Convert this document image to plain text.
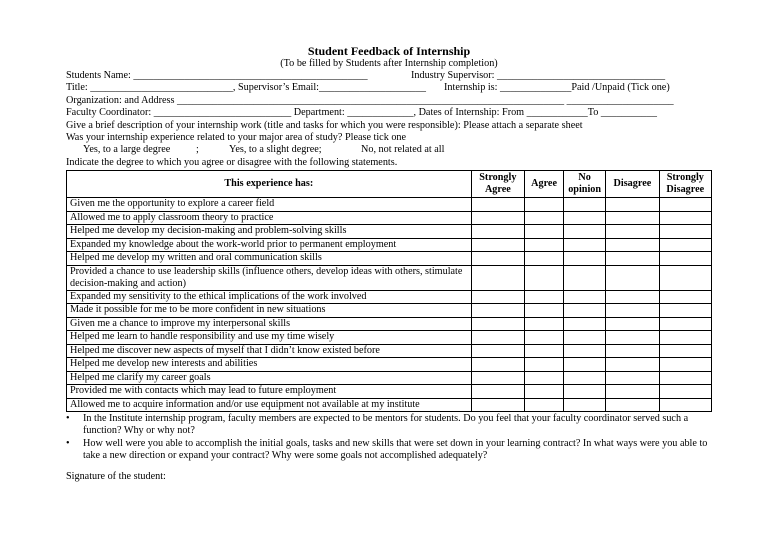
Student Feedback of Internship
(To be filled by Students after Internship completion)
Students Name: ______________________________________________	Industry Supervisor: _________________________________
Title: ____________________________, Supervisor’s Email:_____________________ Internship is: ______________Paid /Unpaid (Tick one)
Organization: and Address ____________________________________________________________________________ _____________________
Faculty Coordinator: ___________________________ Department: _____________, Dates of Internship: From ____________To ___________
Give a brief description of your internship work (title and tasks for which you were responsible): Please attach a separate sheet
Was your internship experience related to your major area of study? Please tick one
Yes, to a large degree	;	Yes, to a slight degree;	No, not related at all
Indicate the degree to which you agree or disagree with the following statements.
This experience has:	Strongly Agree	Agree	No opinion	Disagree	Strongly Disagree
Given me the opportunity to explore a career field					
Allowed me to apply classroom theory to practice					
Helped me develop my decision-making and problem-solving skills					
Expanded my knowledge about the work-world prior to permanent employment					
Helped me develop my written and oral communication skills					
Provided a chance to use leadership skills (influence others, develop ideas with others, stimulate decision-making and action)					
Expanded my sensitivity to the ethical implications of the work involved					
Made it possible for me to be more confident in new situations					
Given me a chance to improve my interpersonal skills					
Helped me learn to handle responsibility and use my time wisely					
Helped me discover new aspects of myself that I didn’t know existed before					
Helped me develop new interests and abilities					
Helped me clarify my career goals					
Provided me with contacts which may lead to future employment					
Allowed me to acquire information and/or use equipment not available at my institute					
• In the Institute internship program, faculty members are expected to be mentors for students. Do you feel that your faculty coordinator served such a function? Why or why not?
• How well were you able to accomplish the initial goals, tasks and new skills that were set down in your learning contract? In what ways were you able to take a new direction or expand your contract? Why were some goals not accomplished adequately?
Signature of the student:
